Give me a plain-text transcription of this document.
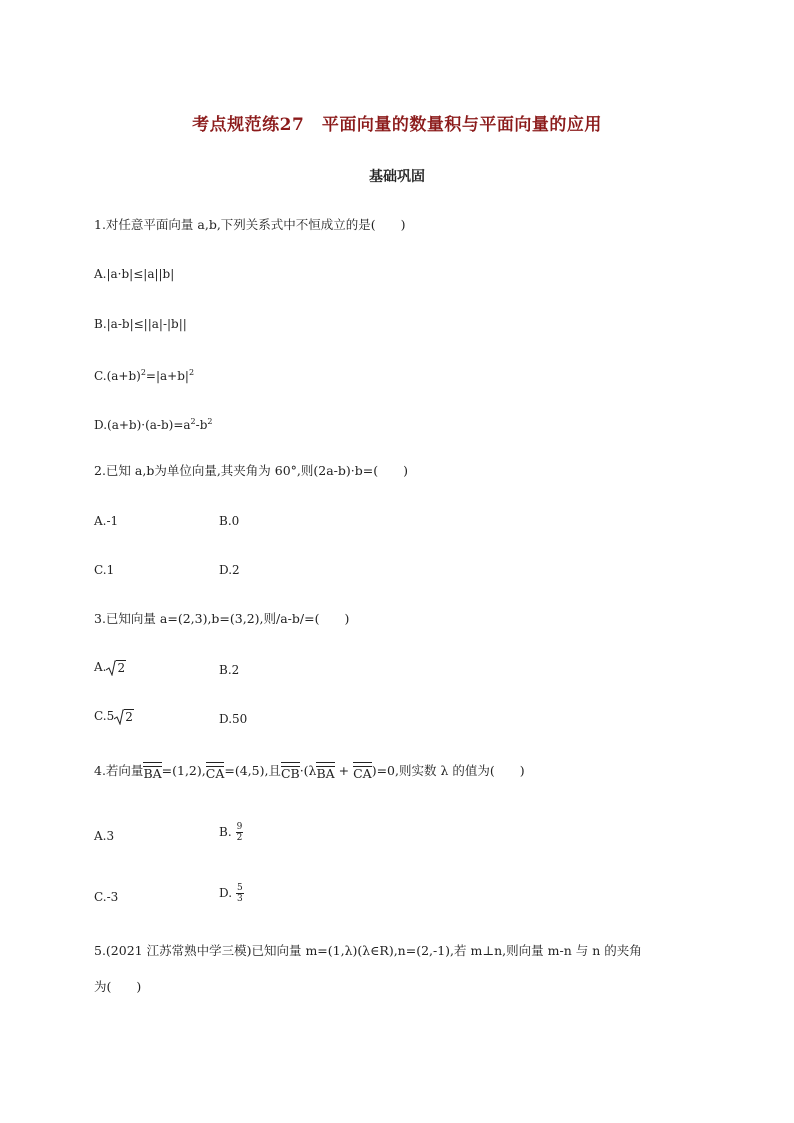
考点规范练27　平面向量的数量积与平面向量的应用
基础巩固
1.对任意平面向量 a,b,下列关系式中不恒成立的是(　　)
A.|a·b|≤|a||b|
B.|a-b|≤||a|-|b||
$C.(a+b)^2=|a+b|^2$
$D.(a+b)\cdot(a-b)=a^2-b^2$
2.已知 a,b为单位向量,其夹角为 60°,则(2a-b)·b=(　　)
A.-1	B.0
C.1	D.2
3.已知向量 a=(2,3),b=(3,2),则/a-b/=(　　)
A. 2	B.2
C.5 2	D.50
4.若向量 BA =(1,2), CA =(4,5),且 CB ·(λ BA + CA )=0,则实数 λ 的值为(　　)
A.3	B. $\frac{9}{2}$
C.-3	D. $\frac{5}{3}$
5.(2021 江苏常熟中学三模)已知向量 m=(1,λ)(λ∈R),n=(2,-1),若 m⊥n,则向量 m-n 与 n 的夹角
为(　　)
